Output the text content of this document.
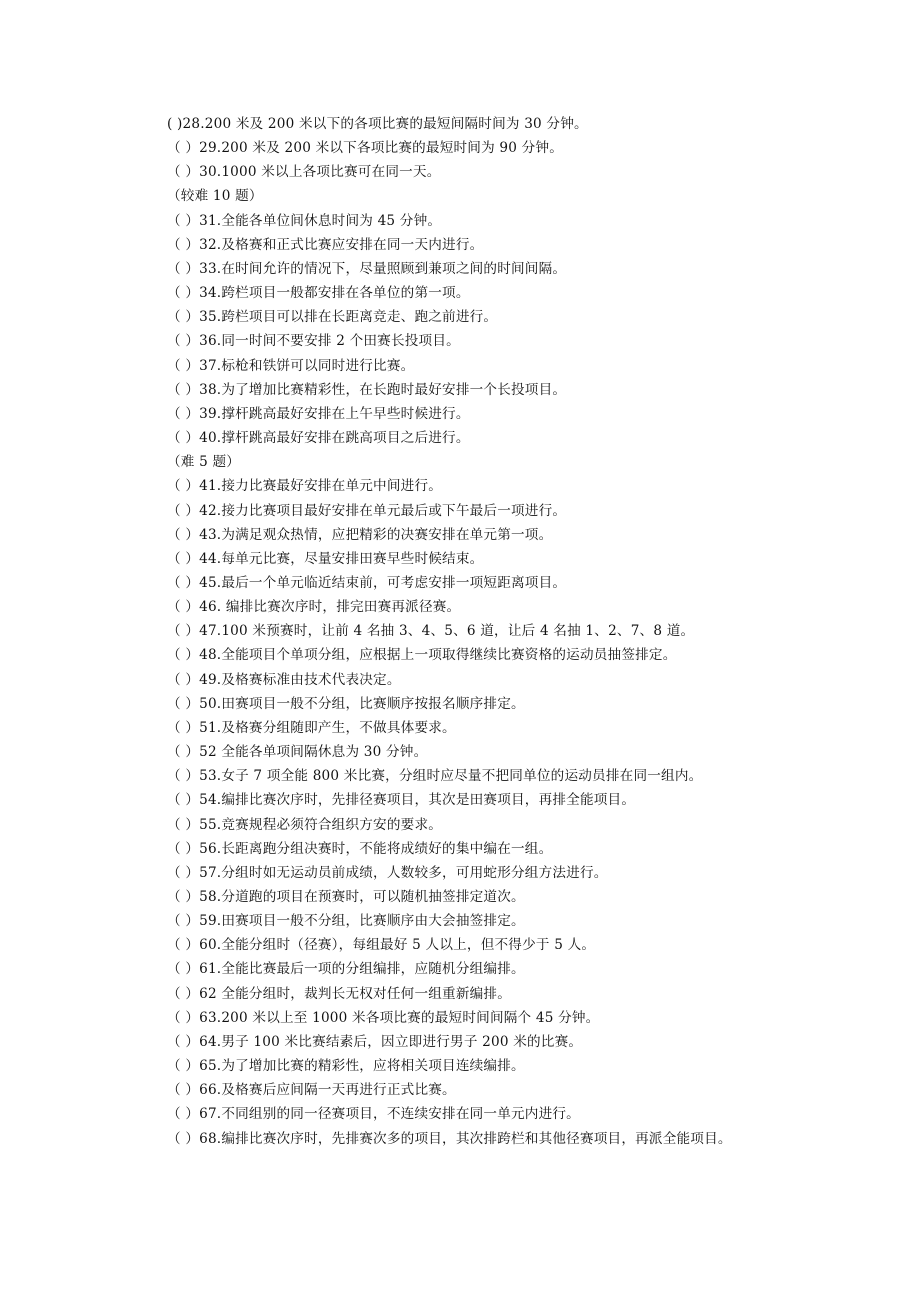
( )28.200 米及 200 米以下的各项比赛的最短间隔时间为 30 分钟。
（ ）29.200 米及 200 米以下各项比赛的最短时间为 90 分钟。
（ ）30.1000 米以上各项比赛可在同一天。
（较难 10 题）
（ ）31.全能各单位间休息时间为 45 分钟。
（ ）32.及格赛和正式比赛应安排在同一天内进行。
（ ）33.在时间允许的情况下，尽量照顾到兼项之间的时间间隔。
（ ）34.跨栏项目一般都安排在各单位的第一项。
（ ）35.跨栏项目可以排在长距离竞走、跑之前进行。
（ ）36.同一时间不要安排 2 个田赛长投项目。
（ ）37.标枪和铁饼可以同时进行比赛。
（ ）38.为了增加比赛精彩性，在长跑时最好安排一个长投项目。
（ ）39.撑杆跳高最好安排在上午早些时候进行。
（ ）40.撑杆跳高最好安排在跳高项目之后进行。
（难 5 题）
（ ）41.接力比赛最好安排在单元中间进行。
（ ）42.接力比赛项目最好安排在单元最后或下午最后一项进行。
（ ）43.为满足观众热情，应把精彩的决赛安排在单元第一项。
（ ）44.每单元比赛，尽量安排田赛早些时候结束。
（ ）45.最后一个单元临近结束前，可考虑安排一项短距离项目。
（ ）46. 编排比赛次序时，排完田赛再派径赛。
（ ）47.100 米预赛时，让前 4 名抽 3、4、5、6 道，让后 4 名抽 1、2、7、8 道。
（ ）48.全能项目个单项分组，应根据上一项取得继续比赛资格的运动员抽签排定。
（ ）49.及格赛标准由技术代表决定。
（ ）50.田赛项目一般不分组，比赛顺序按报名顺序排定。
（ ）51.及格赛分组随即产生，不做具体要求。
（ ）52 全能各单项间隔休息为 30 分钟。
（ ）53.女子 7 项全能 800 米比赛，分组时应尽量不把同单位的运动员排在同一组内。
（ ）54.编排比赛次序时，先排径赛项目，其次是田赛项目，再排全能项目。
（ ）55.竞赛规程必须符合组织方安的要求。
（ ）56.长距离跑分组决赛时，不能将成绩好的集中编在一组。
（ ）57.分组时如无运动员前成绩，人数较多，可用蛇形分组方法进行。
（ ）58.分道跑的项目在预赛时，可以随机抽签排定道次。
（ ）59.田赛项目一般不分组，比赛顺序由大会抽签排定。
（ ）60.全能分组时（径赛），每组最好 5 人以上，但不得少于 5 人。
（ ）61.全能比赛最后一项的分组编排，应随机分组编排。
（ ）62 全能分组时，裁判长无权对任何一组重新编排。
（ ）63.200 米以上至 1000 米各项比赛的最短时间间隔个 45 分钟。
（ ）64.男子 100 米比赛结素后，因立即进行男子 200 米的比赛。
（ ）65.为了增加比赛的精彩性，应将相关项目连续编排。
（ ）66.及格赛后应间隔一天再进行正式比赛。
（ ）67.不同组别的同一径赛项目，不连续安排在同一单元内进行。
（ ）68.编排比赛次序时，先排赛次多的项目，其次排跨栏和其他径赛项目，再派全能项目。
